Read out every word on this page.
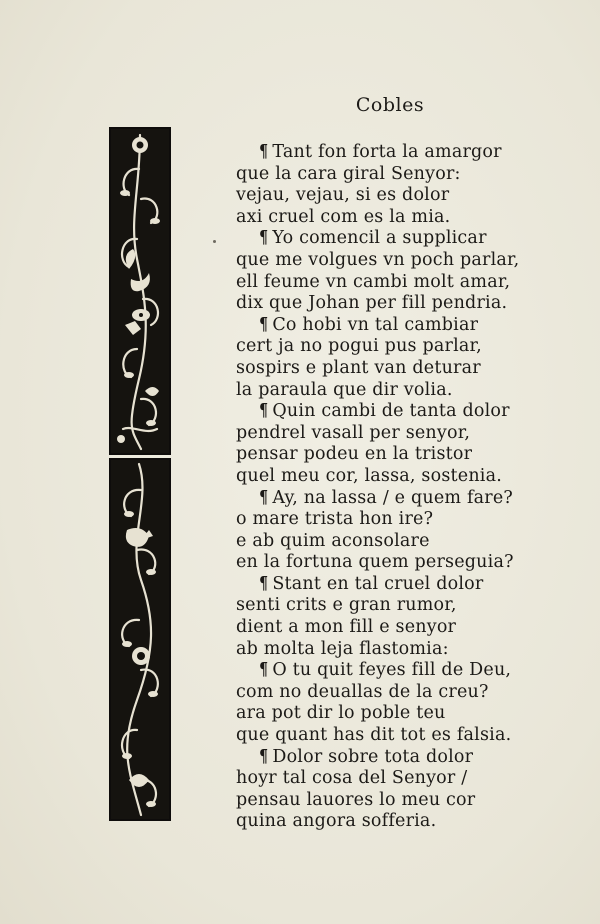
Cobles
¶ Tant fon forta la amargor
que la cara giral Senyor:
vejau, vejau, si es dolor
axi cruel com es la mia.
¶ Yo comencil a supplicar
que me volgues vn poch parlar,
ell feume vn cambi molt amar,
dix que Johan per fill pendria.
¶ Co hobi vn tal cambiar
cert ja no pogui pus parlar,
sospirs e plant van deturar
la paraula que dir volia.
¶ Quin cambi de tanta dolor
pendrel vasall per senyor,
pensar podeu en la tristor
quel meu cor, lassa, sostenia.
¶ Ay, na lassa / e quem fare?
o mare trista hon ire?
e ab quim aconsolare
en la fortuna quem perseguia?
¶ Stant en tal cruel dolor
senti crits e gran rumor,
dient a mon fill e senyor
ab molta leja flastomia:
¶ O tu quit feyes fill de Deu,
com no deuallas de la creu?
ara pot dir lo poble teu
que quant has dit tot es falsia.
¶ Dolor sobre tota dolor
hoyr tal cosa del Senyor /
pensau lauores lo meu cor
quina angora sofferia.
